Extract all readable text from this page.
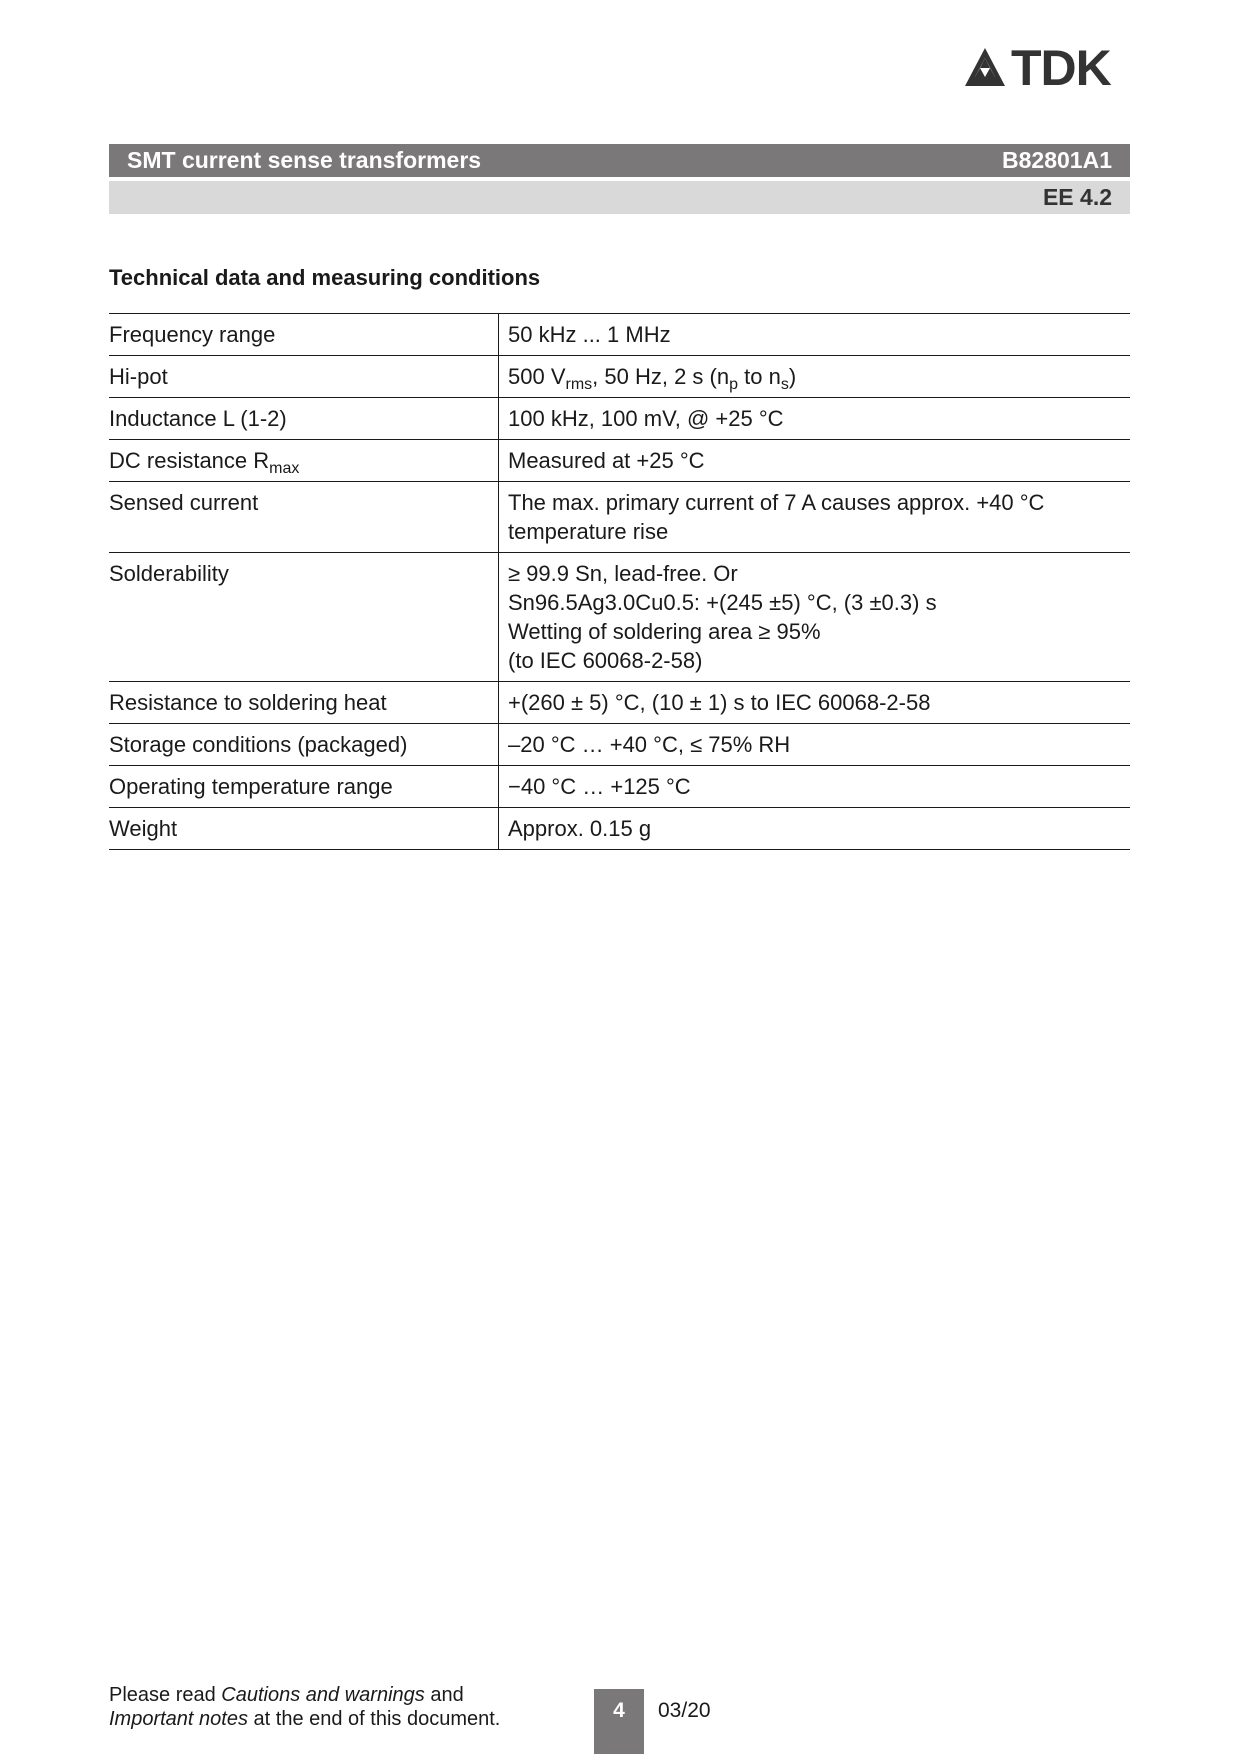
TDK
SMT current sense transformers	B82801A1
EE 4.2
Technical data and measuring conditions
Frequency range	50 kHz ... 1 MHz
Hi-pot	500 $V_{rms}$, 50 Hz, 2 s ($n_p$ to $n_s$)
Inductance L (1-2)	100 kHz, 100 mV, @ +25 °C
DC resistance $R_{max}$	Measured at +25 °C
Sensed current	The max. primary current of 7 A causes approx. +40 °C
temperature rise

Solderability	≥ 99.9 Sn, lead-free. Or
Sn96.5Ag3.0Cu0.5: +(245 ±5) °C, (3 ±0.3) s
Wetting of soldering area ≥ 95%
(to IEC 60068-2-58)

Resistance to soldering heat	+(260 ± 5) °C, (10 ± 1) s to IEC 60068-2-58
Storage conditions (packaged)	–20 °C … +40 °C, ≤ 75% RH
Operating temperature range	−40 °C … +125 °C
Weight	Approx. 0.15 g
Please read Cautions and warnings and
Important notes at the end of this document.	4	03/20
